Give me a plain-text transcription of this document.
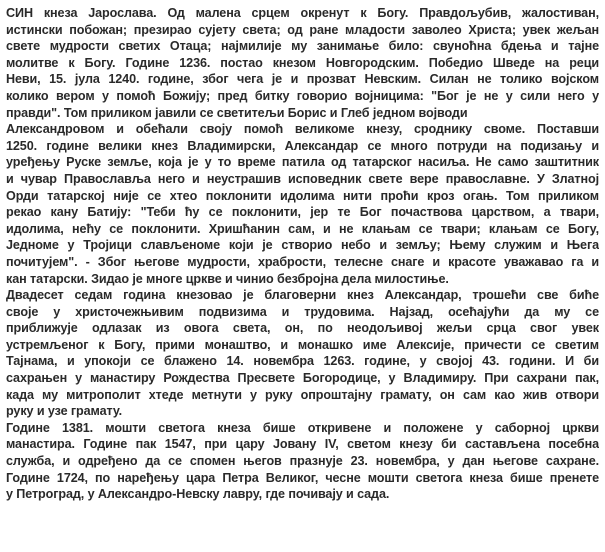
СИН кнеза Јарослава. Од малена срцем окренут к Богу. Правдољубив, жалостиван,
истински побожан; презирао сујету света; од ране младости заволео Христа; увек жељан
свете мудрости светих Отаца; најмилије му занимање било: свуноћна бдења и тајне
молитве к Богу. Године 1236. постао кнезом Новгородским. Победио Шведе на реци
Неви, 15. јула 1240. године, због чега је и прозват Невским. Силан не толико војском
колико вером у помоћ Божију; пред битку говорио војницима: "Бог је не у сили него у
правди". Том приликом јавили се светитељи Борис и Глеб једном војводи
Александровом и обећали своју помоћ великоме кнезу, сроднику своме. Поставши
1250. године велики кнез Владимирски, Александар се много потруди на подизању и
уређењу Руске земље, која је у то време патила од татарског насиља. Не само заштитник
и чувар Православља него и неустрашив исповедник свете вере православне. У Златној
Орди татарској није се хтео поклонити идолима нити проћи кроз огањ. Том приликом
рекао кану Батију: "Теби ћу се поклонити, јер те Бог почаствова царством, а твари,
идолима, нећу се поклонити. Хришћанин сам, и не клањам се твари; клањам се Богу,
Једноме у Тројици слављеноме који је створио небо и земљу; Њему служим и Њега
почитујем". - Због његове мудрости, храбрости, телесне снаге и красоте уважавао га и
кан татарски. Зидао је многе цркве и чинио безбројна дела милостиње.
Двадесет седам година кнезовао је благоверни кнез Александар, трошећи све биће
своје у христочежњивим подвизима и трудовима. Најзад, осећајући да му се
приближује одлазак из овога света, он, по неодољивој жељи срца свог увек
устремљеног к Богу, прими монаштво, и монашко име Алексије, причести се светим
Тајнама, и упокоји се блажено 14. новембра 1263. године, у својој 43. години. И би
сахрањен у манастиру Рождества Пресвете Богородице, у Владимиру. При сахрани пак,
када му митрополит хтеде метнути у руку опроштајну грамату, он сам као жив отвори
руку и узе грамату.
Године 1381. мошти светога кнеза бише откривене и положене у саборној цркви
манастира. Године пак 1547, при цару Јовану IV, светом кнезу би састављена посебна
служба, и одређено да се спомен његов празнује 23. новембра, у дан његове сахране.
Године 1724, по наређењу цара Петра Великог, чесне мошти светога кнеза бише пренете
у Петроград, у Александро-Невску лавру, где почивају и сада.
